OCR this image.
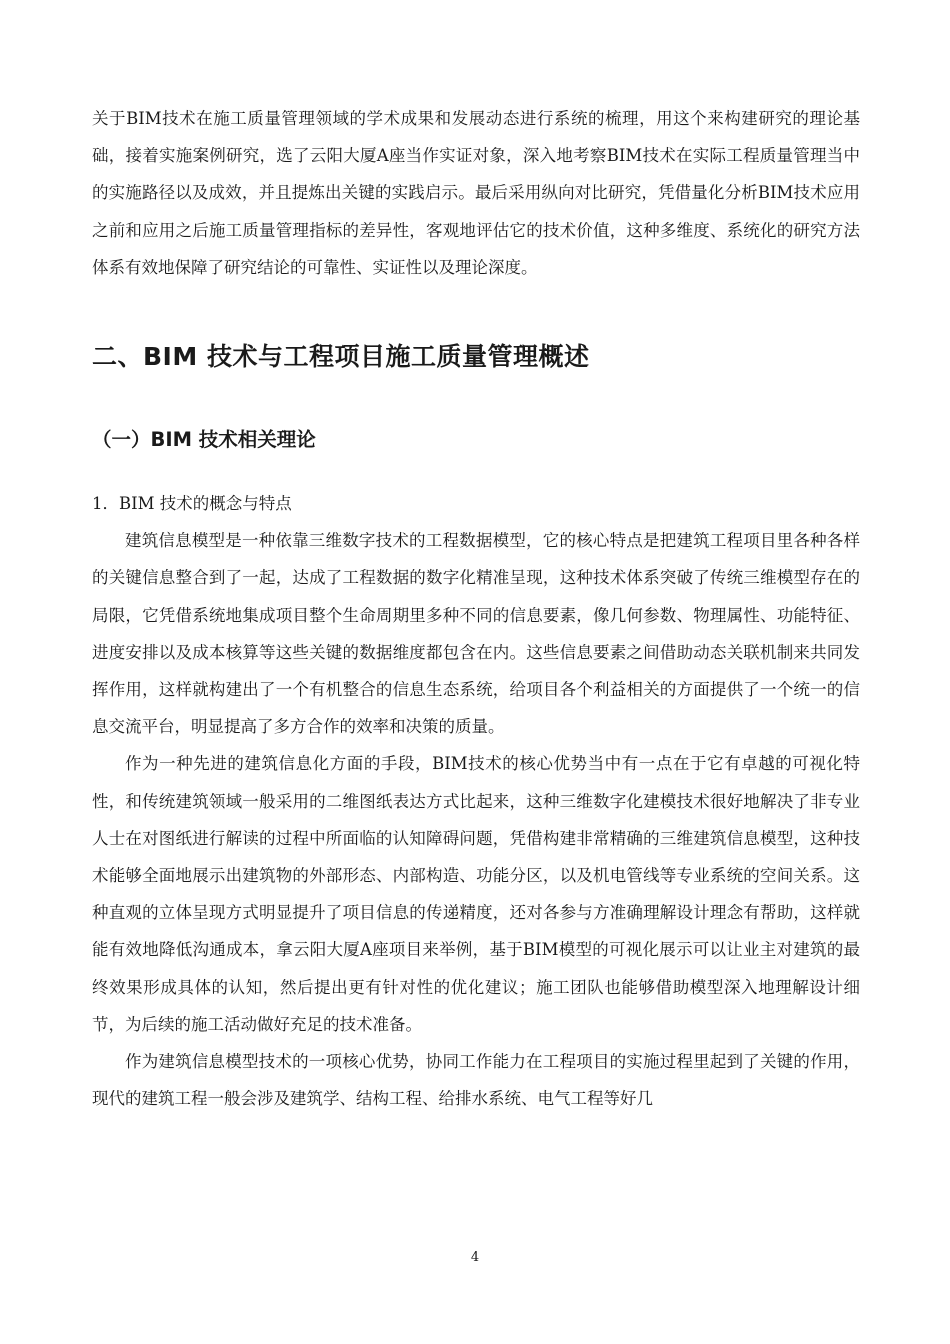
关于BIM技术在施工质量管理领域的学术成果和发展动态进行系统的梳理，用这个来构建研究的理论基础，接着实施案例研究，选了云阳大厦A座当作实证对象，深入地考察BIM技术在实际工程质量管理当中的实施路径以及成效，并且提炼出关键的实践启示。最后采用纵向对比研究，凭借量化分析BIM技术应用之前和应用之后施工质量管理指标的差异性，客观地评估它的技术价值，这种多维度、系统化的研究方法体系有效地保障了研究结论的可靠性、实证性以及理论深度。

二、BIM 技术与工程项目施工质量管理概述
（一）BIM 技术相关理论
1．BIM 技术的概念与特点

建筑信息模型是一种依靠三维数字技术的工程数据模型，它的核心特点是把建筑工程项目里各种各样的关键信息整合到了一起，达成了工程数据的数字化精准呈现，这种技术体系突破了传统三维模型存在的局限，它凭借系统地集成项目整个生命周期里多种不同的信息要素，像几何参数、物理属性、功能特征、进度安排以及成本核算等这些关键的数据维度都包含在内。这些信息要素之间借助动态关联机制来共同发挥作用，这样就构建出了一个有机整合的信息生态系统，给项目各个利益相关的方面提供了一个统一的信息交流平台，明显提高了多方合作的效率和决策的质量。

作为一种先进的建筑信息化方面的手段，BIM技术的核心优势当中有一点在于它有卓越的可视化特性，和传统建筑领域一般采用的二维图纸表达方式比起来，这种三维数字化建模技术很好地解决了非专业人士在对图纸进行解读的过程中所面临的认知障碍问题，凭借构建非常精确的三维建筑信息模型，这种技术能够全面地展示出建筑物的外部形态、内部构造、功能分区，以及机电管线等专业系统的空间关系。这种直观的立体呈现方式明显提升了项目信息的传递精度，还对各参与方准确理解设计理念有帮助，这样就能有效地降低沟通成本，拿云阳大厦A座项目来举例，基于BIM模型的可视化展示可以让业主对建筑的最终效果形成具体的认知，然后提出更有针对性的优化建议；施工团队也能够借助模型深入地理解设计细节，为后续的施工活动做好充足的技术准备。

作为建筑信息模型技术的一项核心优势，协同工作能力在工程项目的实施过程里起到了关键的作用，现代的建筑工程一般会涉及建筑学、结构工程、给排水系统、电气工程等好几

4
